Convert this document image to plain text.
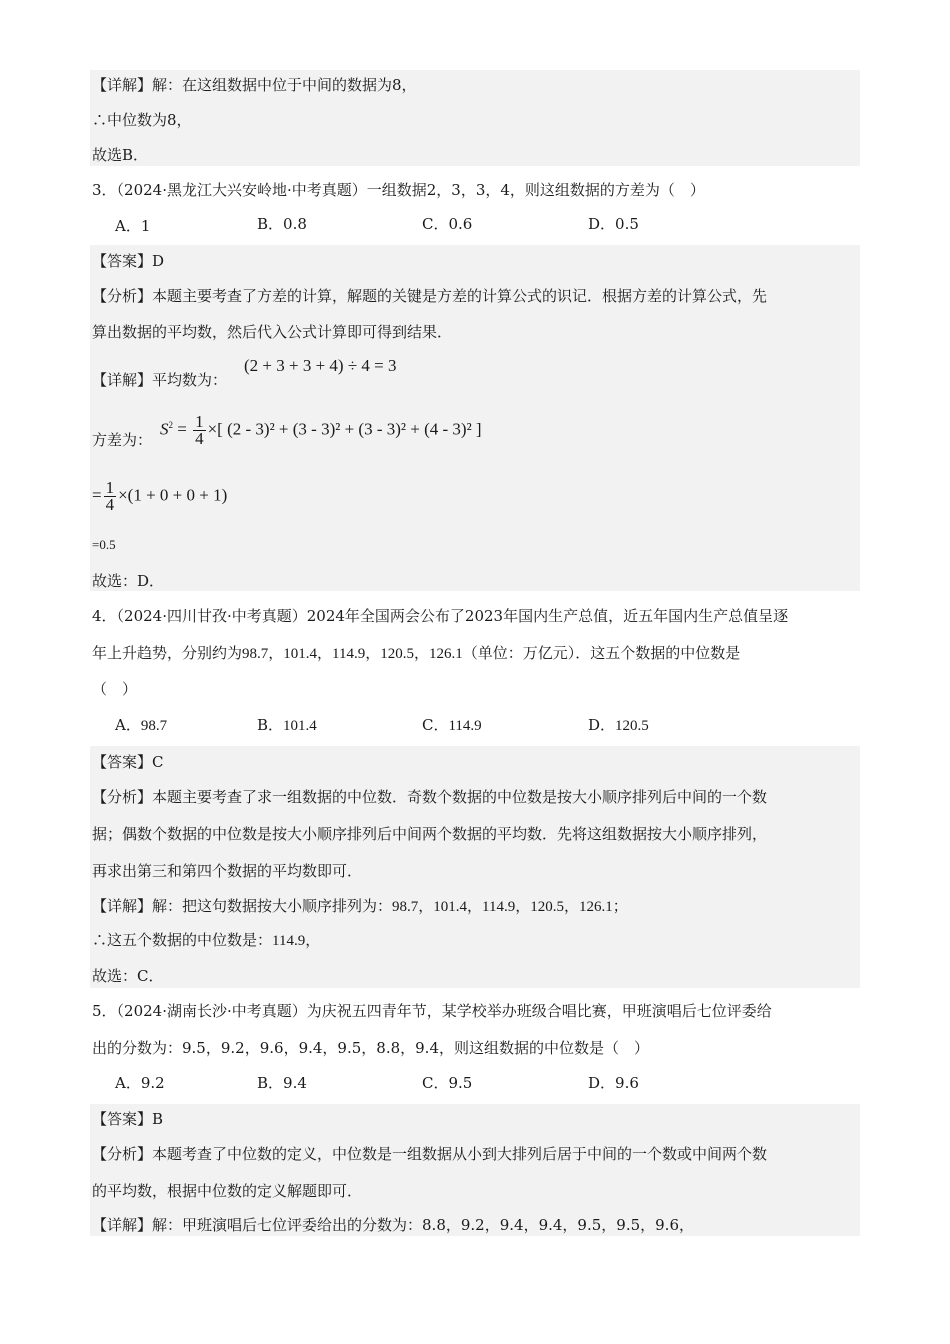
【详解】解：在这组数据中位于中间的数据为8，
∴中位数为8，
故选B．
3．（2024·黑龙江大兴安岭地·中考真题）一组数据2，3，3，4，则这组数据的方差为（　）
A．1	B．0.8	C．0.6	D．0.5
【答案】D
【分析】本题主要考查了方差的计算，解题的关键是方差的计算公式的识记．根据方差的计算公式，先
算出数据的平均数，然后代入公式计算即可得到结果．
【详解】平均数为：
(2 + 3 + 3 + 4) ÷ 4 = 3
方差为：
$S^2 = \frac{1}{4}$ ×[ (2 - 3)² + (3 - 3)² + (3 - 3)² + (4 - 3)² ]
= $\frac{1}{4} \times(1 + 0 + 0 + 1)$
=0.5
故选：D．
4．（2024·四川甘孜·中考真题）2024年全国两会公布了2023年国内生产总值，近五年国内生产总值呈逐
年上升趋势，分别约为98.7，101.4，114.9，120.5，126.1（单位：万亿元）．这五个数据的中位数是
（　）
A．98.7	B．101.4	C．114.9	D．120.5
【答案】C
【分析】本题主要考查了求一组数据的中位数．奇数个数据的中位数是按大小顺序排列后中间的一个数
据；偶数个数据的中位数是按大小顺序排列后中间两个数据的平均数．先将这组数据按大小顺序排列，
再求出第三和第四个数据的平均数即可．
【详解】解：把这句数据按大小顺序排列为：98.7，101.4，114.9，120.5，126.1；
∴这五个数据的中位数是：114.9，
故选：C．
5．（2024·湖南长沙·中考真题）为庆祝五四青年节，某学校举办班级合唱比赛，甲班演唱后七位评委给
出的分数为：9.5，9.2，9.6，9.4，9.5，8.8，9.4，则这组数据的中位数是（　）
A．9.2	B．9.4	C．9.5	D．9.6
【答案】B
【分析】本题考查了中位数的定义，中位数是一组数据从小到大排列后居于中间的一个数或中间两个数
的平均数，根据中位数的定义解题即可．
【详解】解：甲班演唱后七位评委给出的分数为：8.8，9.2，9.4，9.4，9.5，9.5，9.6，
